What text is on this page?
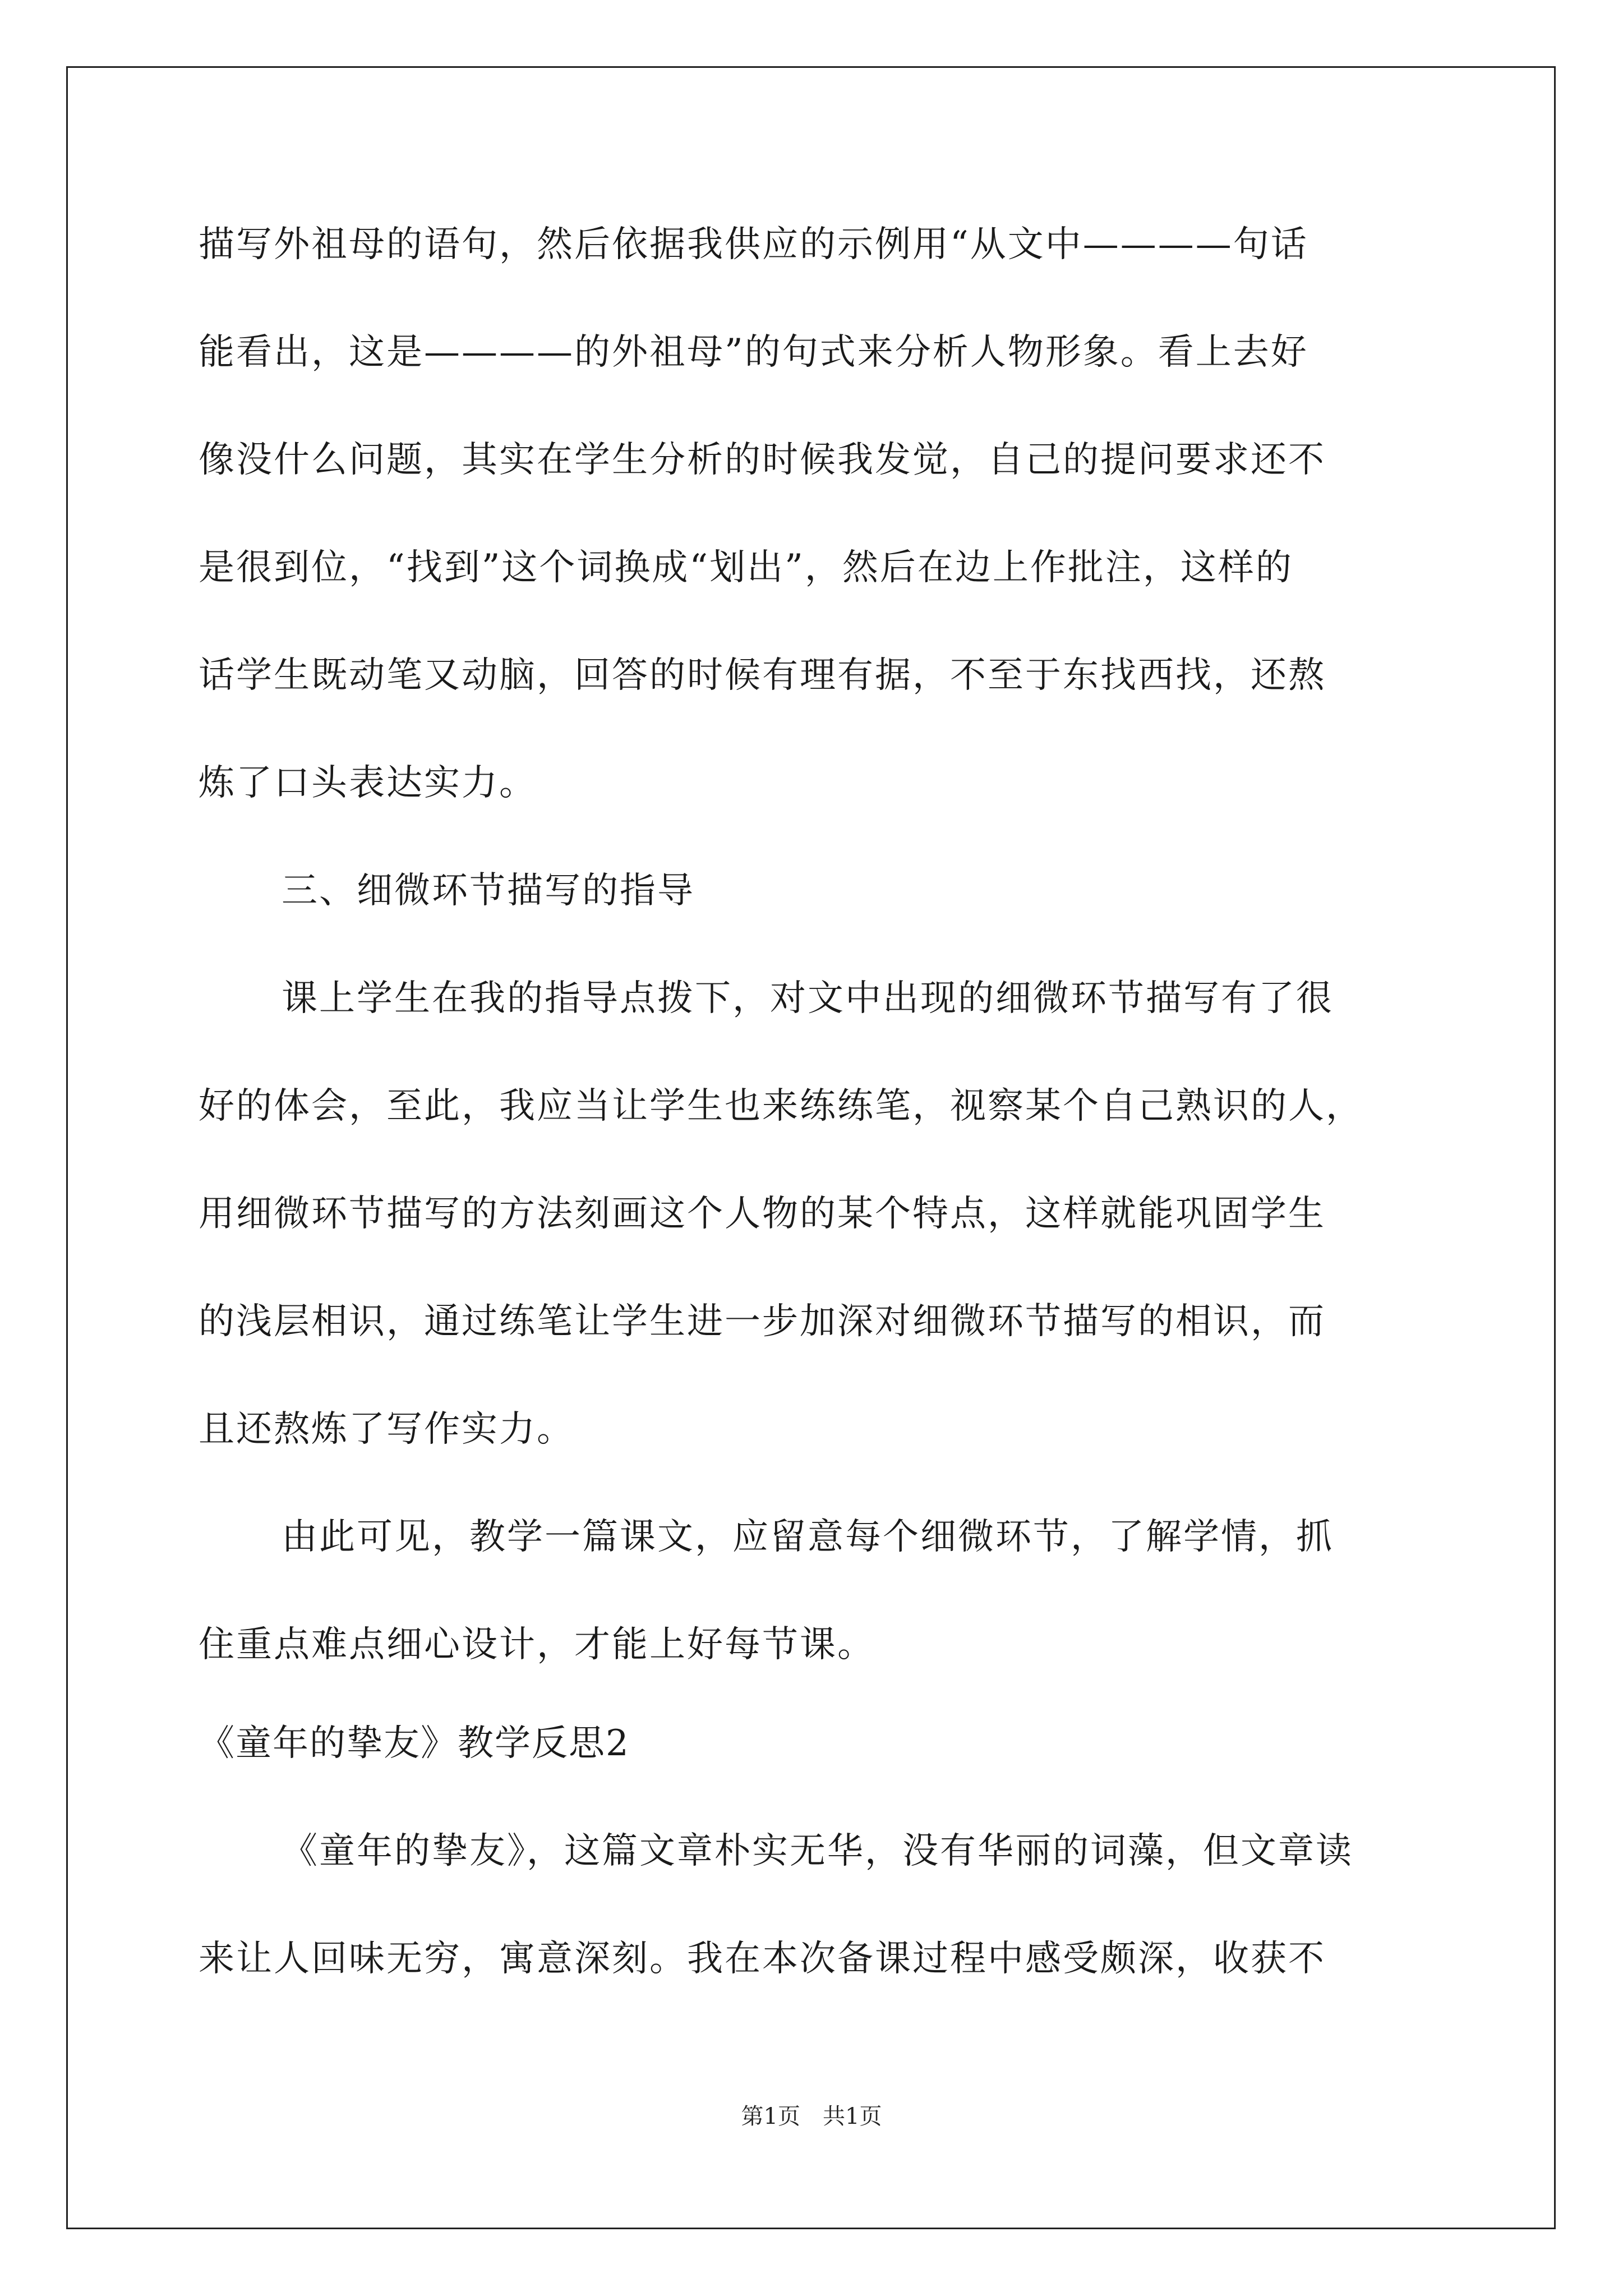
描写外祖母的语句，然后依据我供应的示例用“从文中————句话
能看出，这是————的外祖母”的句式来分析人物形象。看上去好
像没什么问题，其实在学生分析的时候我发觉，自己的提问要求还不
是很到位，“找到”这个词换成“划出”，然后在边上作批注，这样的
话学生既动笔又动脑，回答的时候有理有据，不至于东找西找，还熬
炼了口头表达实力。
三、细微环节描写的指导
课上学生在我的指导点拨下，对文中出现的细微环节描写有了很
好的体会，至此，我应当让学生也来练练笔，视察某个自己熟识的人，
用细微环节描写的方法刻画这个人物的某个特点，这样就能巩固学生
的浅层相识，通过练笔让学生进一步加深对细微环节描写的相识，而
且还熬炼了写作实力。
由此可见，教学一篇课文，应留意每个细微环节，了解学情，抓
住重点难点细心设计，才能上好每节课。
《童年的挚友》教学反思2
《童年的挚友》，这篇文章朴实无华，没有华丽的词藻，但文章读
来让人回味无穷，寓意深刻。我在本次备课过程中感受颇深，收获不
第1页　共1页
